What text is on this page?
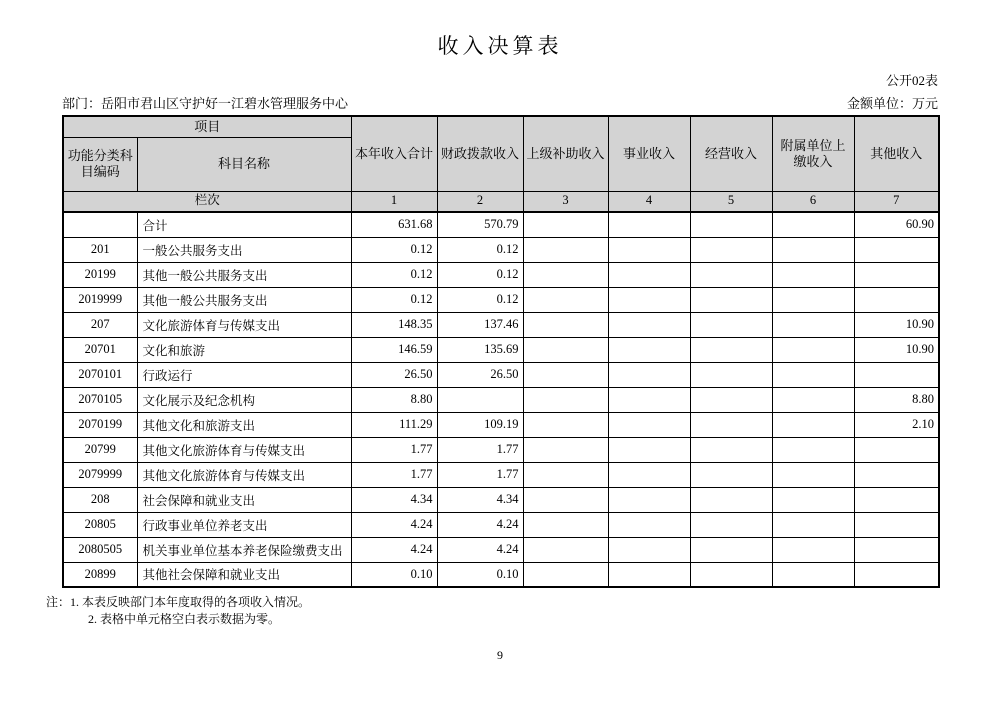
收入决算表
公开02表
部门：岳阳市君山区守护好一江碧水管理服务中心	金额单位：万元
项目		本年收入合计	财政拨款收入	上级补助收入	事业收入	经营收入	附属单位上缴收入	其他收入
功能分类科目编码	科目名称							
栏次		1	2	3	4	5	6	7
	合计	631.68	570.79					60.90
201	一般公共服务支出	0.12	0.12					
20199	其他一般公共服务支出	0.12	0.12					
2019999	其他一般公共服务支出	0.12	0.12					
207	文化旅游体育与传媒支出	148.35	137.46					10.90
20701	文化和旅游	146.59	135.69					10.90
2070101	行政运行	26.50	26.50					
2070105	文化展示及纪念机构	8.80						8.80
2070199	其他文化和旅游支出	111.29	109.19					2.10
20799	其他文化旅游体育与传媒支出	1.77	1.77					
2079999	其他文化旅游体育与传媒支出	1.77	1.77					
208	社会保障和就业支出	4.34	4.34					
20805	行政事业单位养老支出	4.24	4.24					
2080505	机关事业单位基本养老保险缴费支出	4.24	4.24					
20899	其他社会保障和就业支出	0.10	0.10					
注： 1. 本表反映部门本年度取得的各项收入情况。
2. 表格中单元格空白表示数据为零。
9
